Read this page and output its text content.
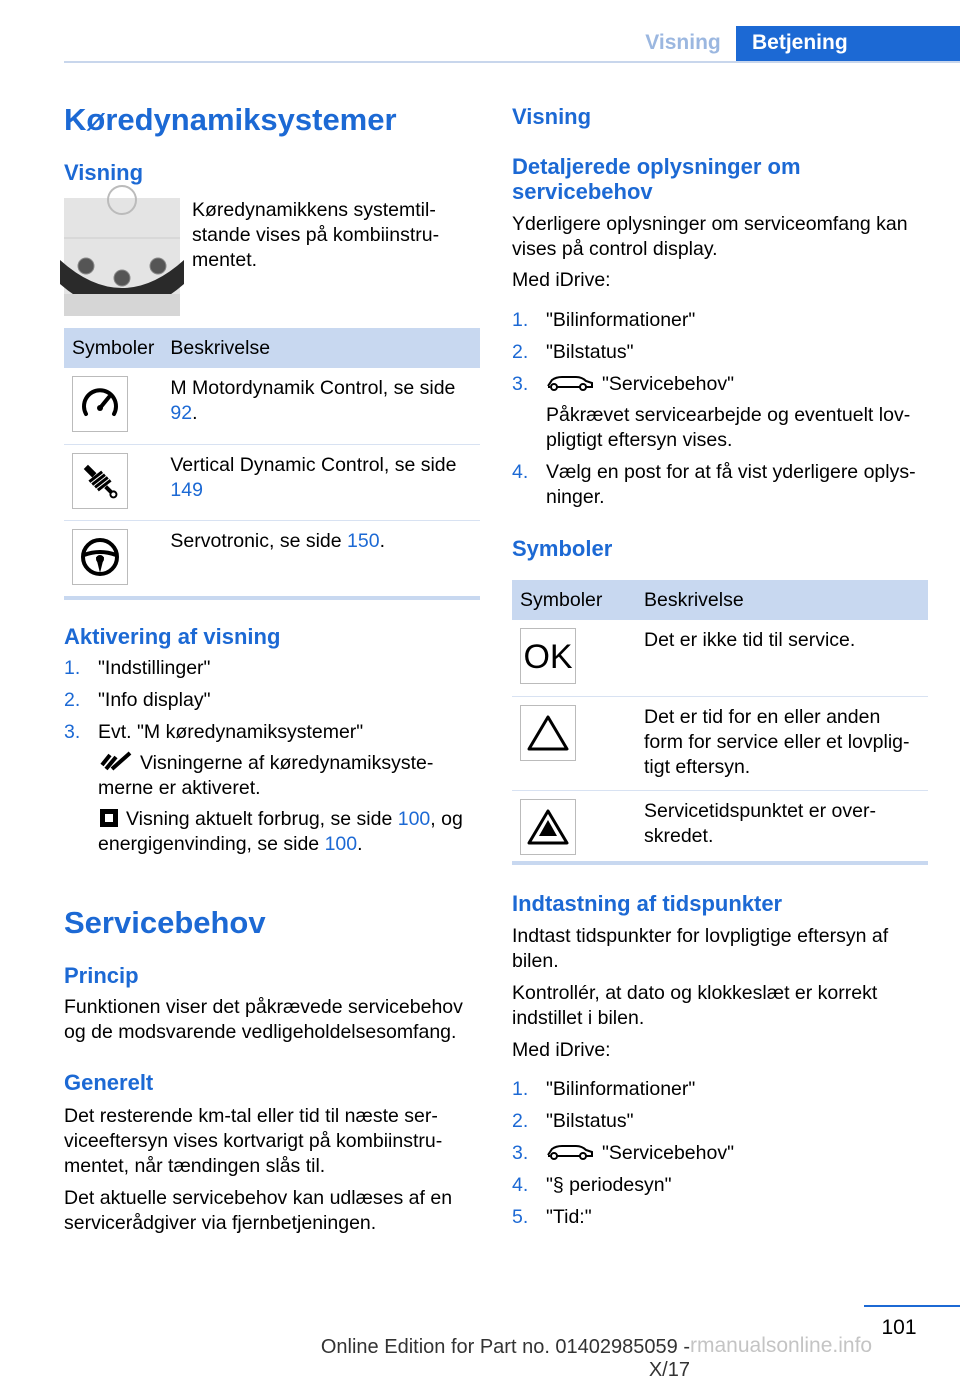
Visning	Betjening
Køredynamiksystemer
Visning
Køredynamikkens systemtilstande vises på kombiinstrumentet.
Symboler	Beskrivelse

	M Motordynamik Control, se side 92.

	Vertical Dynamic Control, se side 149

	Servotronic, se side 150.
Aktivering af visning
1. "Indstillinger"
2. "Info display"
3. Evt. "M køredynamiksystemer"
Visningerne af køredynamiksystemerne er aktiveret.
Visning aktuelt forbrug, se side 100, og energigenvinding, se side 100.
Servicebehov
Princip
Funktionen viser det påkrævede servicebehov og de modsvarende vedligeholdelsesomfang.
Generelt
Det resterende km-tal eller tid til næste serviceeftersyn vises kortvarigt på kombiinstrumentet, når tændingen slås til.
Det aktuelle servicebehov kan udlæses af en servicerådgiver via fjernbetjeningen.
Visning
Detaljerede oplysninger om servicebehov
Yderligere oplysninger om serviceomfang kan vises på control display.
Med iDrive:
1. "Bilinformationer"
2. "Bilstatus"
3.	"Servicebehov"
Påkrævet servicearbejde og eventuelt lovpligtigt eftersyn vises.
4. Vælg en post for at få vist yderligere oplysninger.
Symboler
Symboler	Beskrivelse

OK	Det er ikke tid til service.

	Det er tid for en eller anden form for service eller et lovpligtigt eftersyn.

	Servicetidspunktet er overskredet.
Indtastning af tidspunkter
Indtast tidspunkter for lovpligtige eftersyn af bilen.
Kontrollér, at dato og klokkeslæt er korrekt indstillet i bilen.
Med iDrive:
1. "Bilinformationer"
2. "Bilstatus"
3.	"Servicebehov"
4. "§ periodesyn"
5. "Tid:"
101
Online Edition for Part no. 01402985059 - X/17
rmanualsonline.info
